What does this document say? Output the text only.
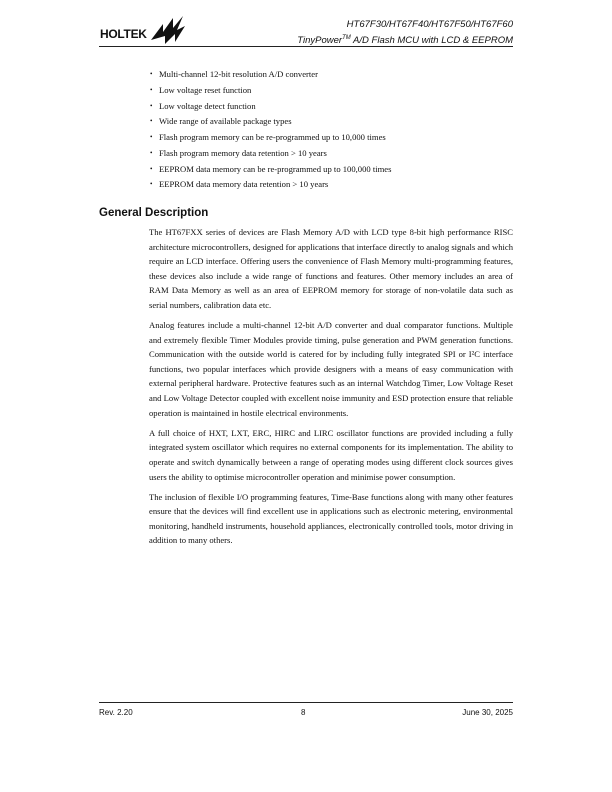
HOLTEK
HT67F30/HT67F40/HT67F50/HT67F60
TinyPower™ A/D Flash MCU with LCD & EEPROM
• Multi-channel 12-bit resolution A/D converter
• Low voltage reset function
• Low voltage detect function
• Wide range of available package types
• Flash program memory can be re-programmed up to 10,000 times
• Flash program memory data retention > 10 years
• EEPROM data memory can be re-programmed up to 100,000 times
• EEPROM data memory data retention > 10 years
General Description

The HT67FXX series of devices are Flash Memory A/D with LCD type 8-bit high performance RISC architecture microcontrollers, designed for applications that interface directly to analog signals and which require an LCD interface. Offering users the convenience of Flash Memory multi-programming features, these devices also include a wide range of functions and features. Other memory includes an area of RAM Data Memory as well as an area of EEPROM memory for storage of non-volatile data such as serial numbers, calibration data etc.

Analog features include a multi-channel 12-bit A/D converter and dual comparator functions. Multiple and extremely flexible Timer Modules provide timing, pulse generation and PWM generation functions. Communication with the outside world is catered for by including fully integrated SPI or I²C interface functions, two popular interfaces which provide designers with a means of easy communication with external peripheral hardware. Protective features such as an internal Watchdog Timer, Low Voltage Reset and Low Voltage Detector coupled with excellent noise immunity and ESD protection ensure that reliable operation is maintained in hostile electrical environments.

A full choice of HXT, LXT, ERC, HIRC and LIRC oscillator functions are provided including a fully integrated system oscillator which requires no external components for its implementation. The ability to operate and switch dynamically between a range of operating modes using different clock sources gives users the ability to optimise microcontroller operation and minimise power consumption.

The inclusion of flexible I/O programming features, Time-Base functions along with many other features ensure that the devices will find excellent use in applications such as electronic metering, environmental monitoring, handheld instruments, household appliances, electronically controlled tools, motor driving in addition to many others.

Rev. 2.20	8	June 30, 2025
